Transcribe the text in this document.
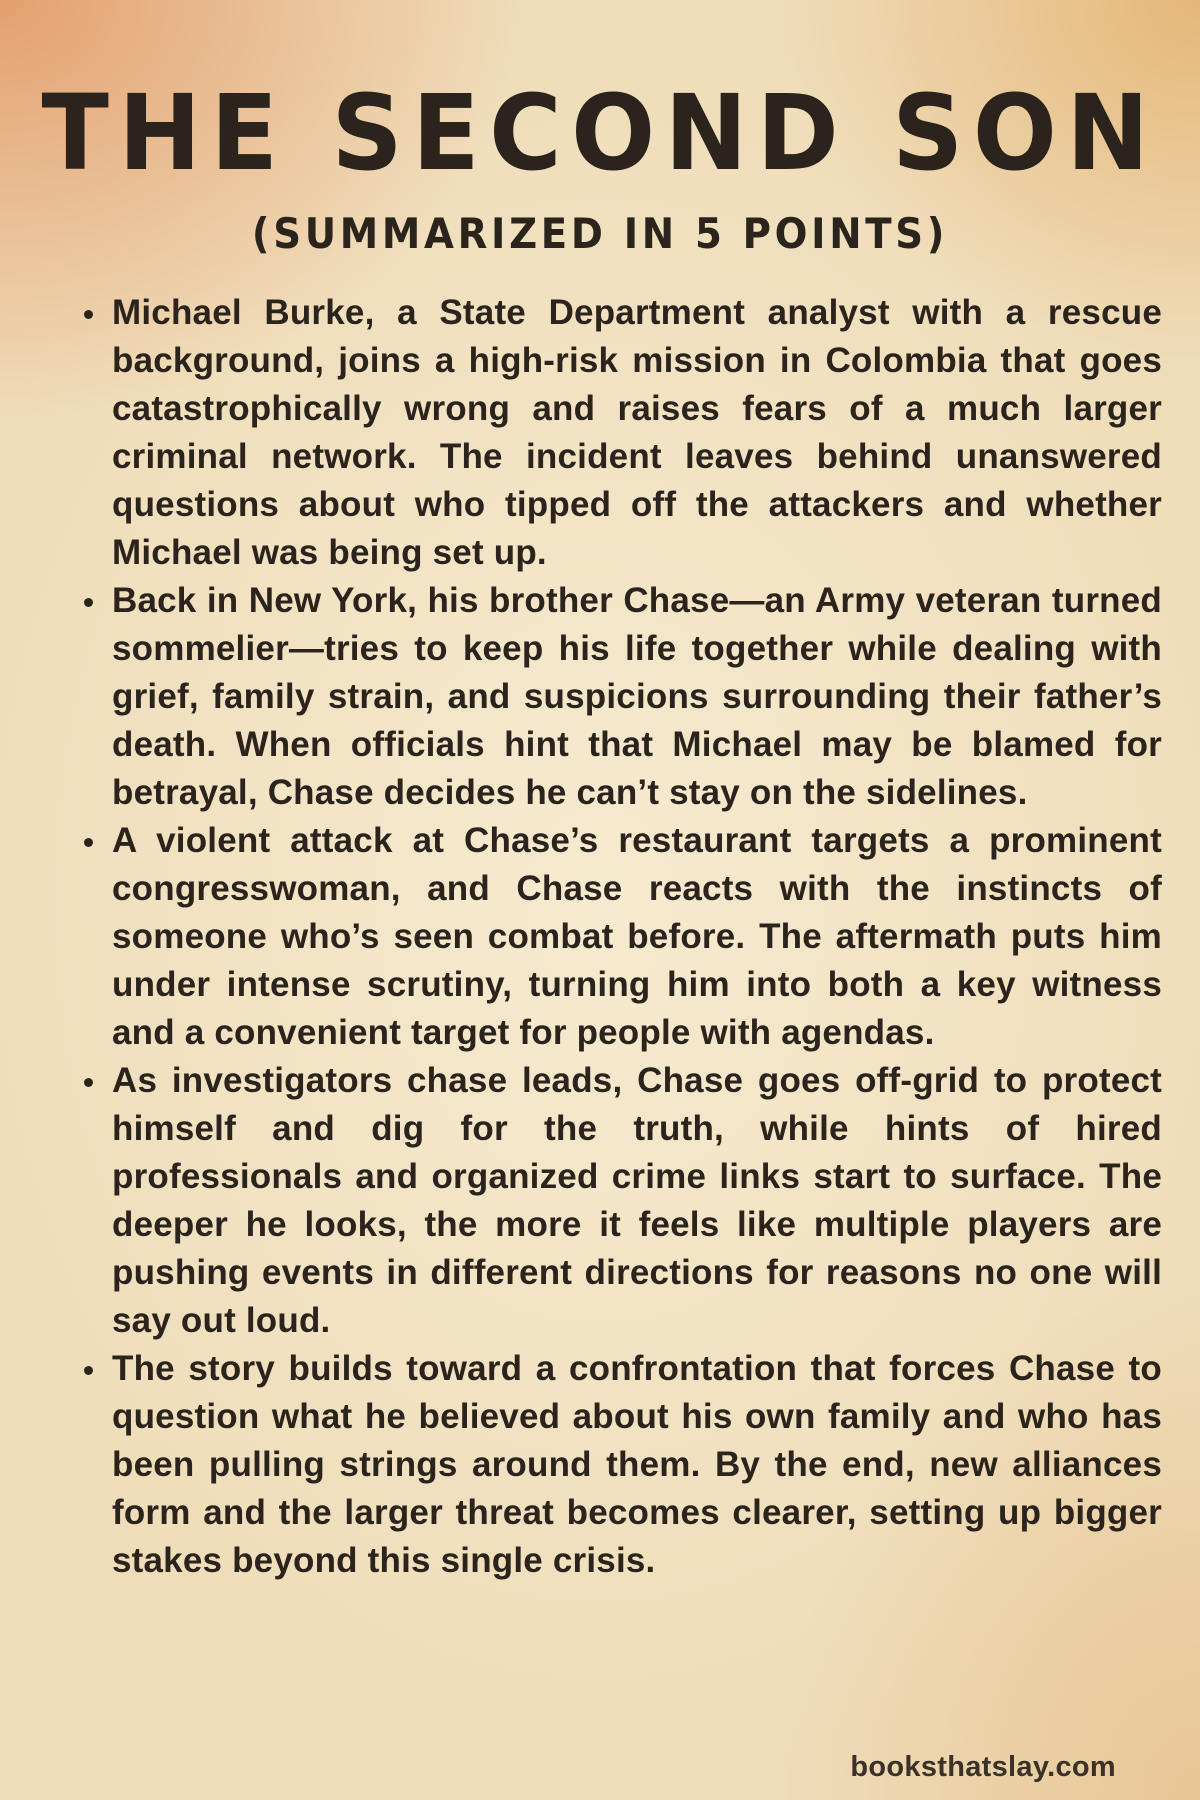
THE SECOND SON
(SUMMARIZED IN 5 POINTS)
Michael Burke, a State Department analyst with a rescue background, joins a high-risk mission in Colombia that goes catastrophically wrong and raises fears of a much larger criminal network. The incident leaves behind unanswered questions about who tipped off the attackers and whether Michael was being set up.
Back in New York, his brother Chase—an Army veteran turned sommelier—tries to keep his life together while dealing with grief, family strain, and suspicions surrounding their father’s death. When officials hint that Michael may be blamed for betrayal, Chase decides he can’t stay on the sidelines.
A violent attack at Chase’s restaurant targets a prominent congresswoman, and Chase reacts with the instincts of someone who’s seen combat before. The aftermath puts him under intense scrutiny, turning him into both a key witness and a convenient target for people with agendas.
As investigators chase leads, Chase goes off-grid to protect himself and dig for the truth, while hints of hired professionals and organized crime links start to surface. The deeper he looks, the more it feels like multiple players are pushing events in different directions for reasons no one will say out loud.
The story builds toward a confrontation that forces Chase to question what he believed about his own family and who has been pulling strings around them. By the end, new alliances form and the larger threat becomes clearer, setting up bigger stakes beyond this single crisis.
booksthatslay.com
